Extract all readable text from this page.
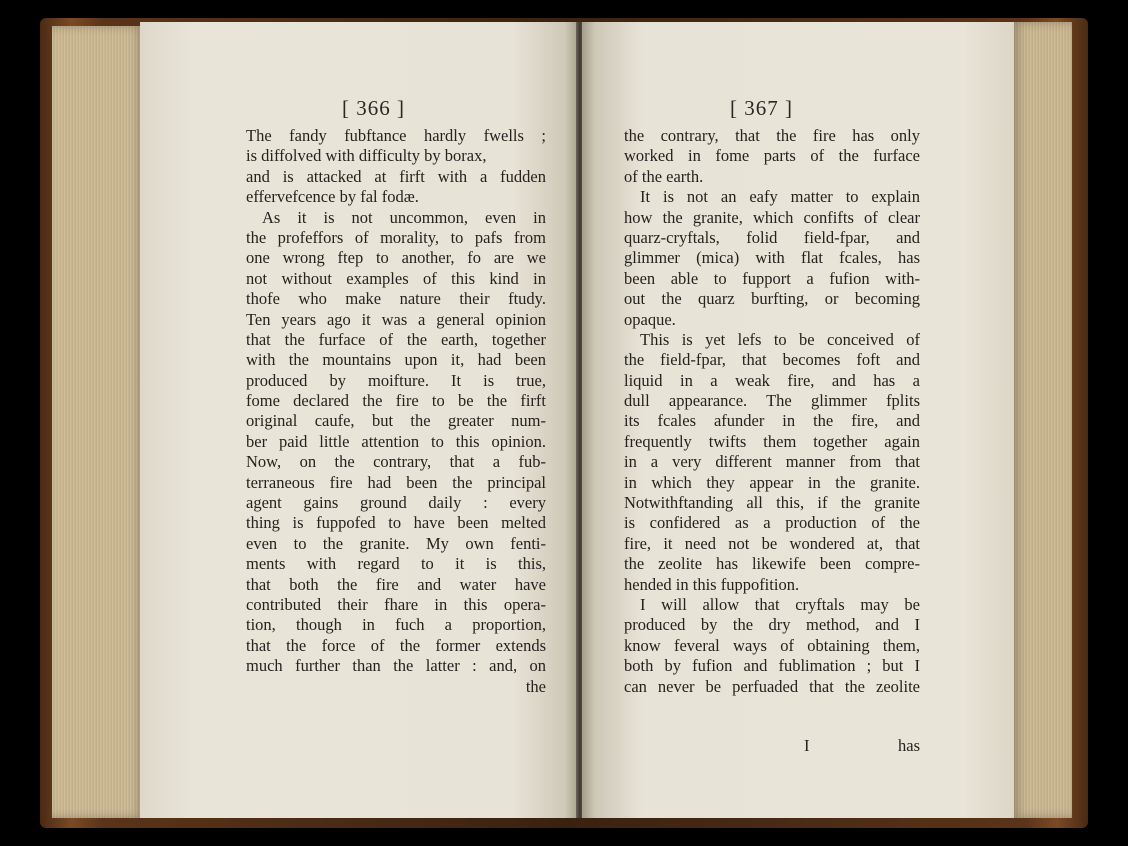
[ 366 ]
The fandy fubftance hardly fwells ;
is diffolved with difficulty by borax,
and is attacked at firft with a fudden
effervefcence by fal fodæ.
As it is not uncommon, even in
the profeffors of morality, to pafs from
one wrong ftep to another, fo are we
not without examples of this kind in
thofe who make nature their ftudy.
Ten years ago it was a general opinion
that the furface of the earth, together
with the mountains upon it, had been
produced by moifture. It is true,
fome declared the fire to be the firft
original caufe, but the greater num-
ber paid little attention to this opinion.
Now, on the contrary, that a fub-
terraneous fire had been the principal
agent gains ground daily : every
thing is fuppofed to have been melted
even to the granite. My own fenti-
ments with regard to it is this,
that both the fire and water have
contributed their fhare in this opera-
tion, though in fuch a proportion,
that the force of the former extends
much further than the latter : and, on
the
[ 367 ]
the contrary, that the fire has only
worked in fome parts of the furface
of the earth.
It is not an eafy matter to explain
how the granite, which confifts of clear
quarz-cryftals, folid field-fpar, and
glimmer (mica) with flat fcales, has
been able to fupport a fufion with-
out the quarz burfting, or becoming
opaque.
This is yet lefs to be conceived of
the field-fpar, that becomes foft and
liquid in a weak fire, and has a
dull appearance. The glimmer fplits
its fcales afunder in the fire, and
frequently twifts them together again
in a very different manner from that
in which they appear in the granite.
Notwithftanding all this, if the granite
is confidered as a production of the
fire, it need not be wondered at, that
the zeolite has likewife been compre-
hended in this fuppofition.
I will allow that cryftals may be
produced by the dry method, and I
know feveral ways of obtaining them,
both by fufion and fublimation ; but I
can never be perfuaded that the zeolite
I	has
